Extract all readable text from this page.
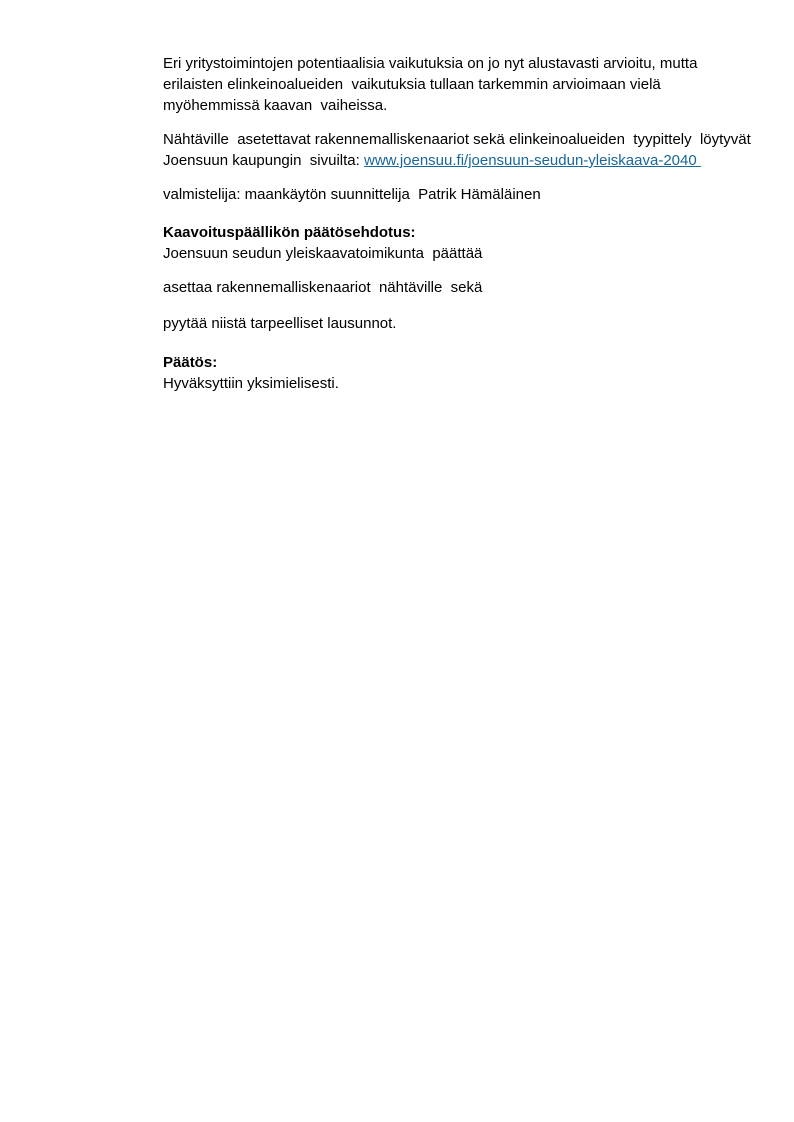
Eri yritystoimintojen potentiaalisia vaikutuksia on jo nyt alustavasti arvioitu, mutta
erilaisten elinkeinoalueiden  vaikutuksia tullaan tarkemmin arvioimaan vielä
myöhemmissä kaavan  vaiheissa.

Nähtäville  asetettavat rakennemalliskenaariot sekä elinkeinoalueiden  tyypittely  löytyvät
Joensuun kaupungin  sivuilta: www.joensuu.fi/joensuun-seudun-yleiskaava-2040

valmistelija: maankäytön suunnittelija  Patrik Hämäläinen

Kaavoituspäällikön päätösehdotus:
Joensuun seudun yleiskaavatoimikunta  päättää

asettaa rakennemalliskenaariot  nähtäville  sekä

pyytää niistä tarpeelliset lausunnot.

Päätös:
Hyväksyttiin yksimielisesti.
